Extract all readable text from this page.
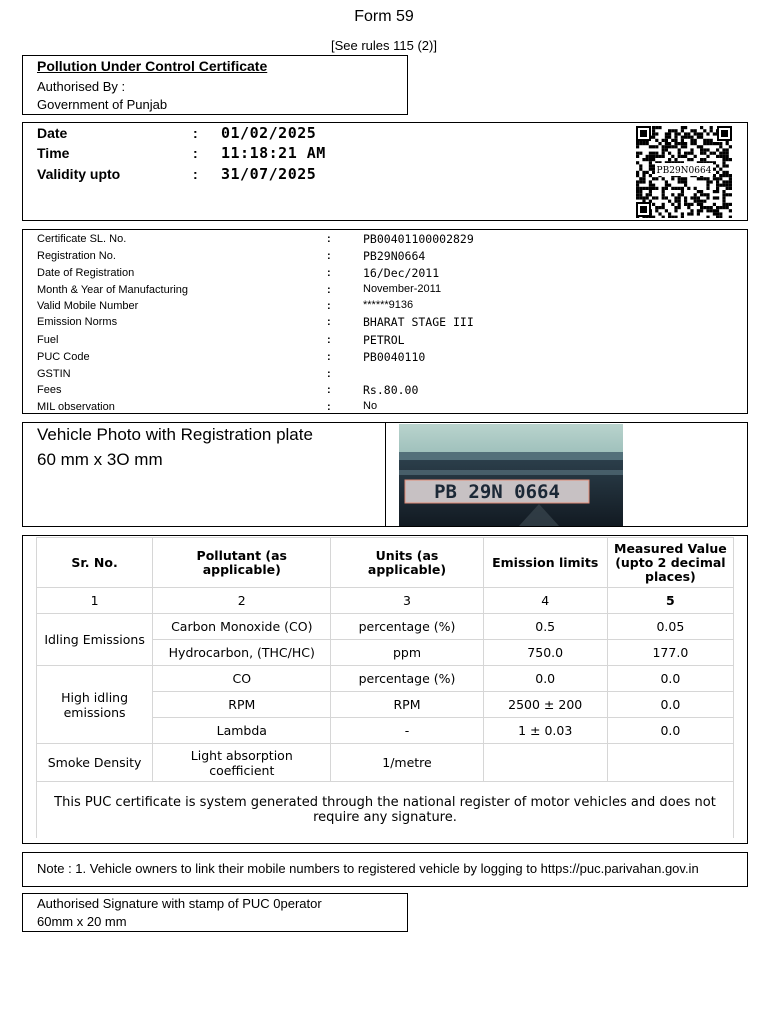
Form 59
[See rules 115 (2)]
Pollution Under Control Certificate
Authorised By :
Government of Punjab
Date	: 01/02/2025
Time	: 11:18:21 AM
Validity upto	: 31/07/2025	PB29N0664
Certificate SL. No.	:	PB00401100002829
Registration No.	:	PB29N0664
Date of Registration	:	16/Dec/2011
Month & Year of Manufacturing	:	November-2011
Valid Mobile Number	:	******9136
Emission Norms	:	BHARAT STAGE III
Fuel	:	PETROL
PUC Code	:	PB0040110
GSTIN	:
Fees	:	Rs.80.00
MIL observation	:	No
Vehicle Photo with Registration plate
60 mm x 3O mm
PB 29N 0664
Sr. No.	Pollutant (as applicable)	Units (as applicable)	Emission limits	Measured Value (upto 2 decimal places)
1	2	3	4	5
Idling Emissions	Carbon Monoxide (CO)	percentage (%)	0.5	0.05
	Hydrocarbon, (THC/HC)	ppm	750.0	177.0
High idling emissions	CO	percentage (%)	0.0	0.0
	RPM	RPM	2500 ± 200	0.0
	Lambda	-	1 ± 0.03	0.0
Smoke Density	Light absorption coefficient	1/metre		
This PUC certificate is system generated through the national register of motor vehicles and does not require any signature.				
Note : 1. Vehicle owners to link their mobile numbers to registered vehicle by logging to https://puc.parivahan.gov.in
Authorised Signature with stamp of PUC 0perator
60mm x 20 mm
